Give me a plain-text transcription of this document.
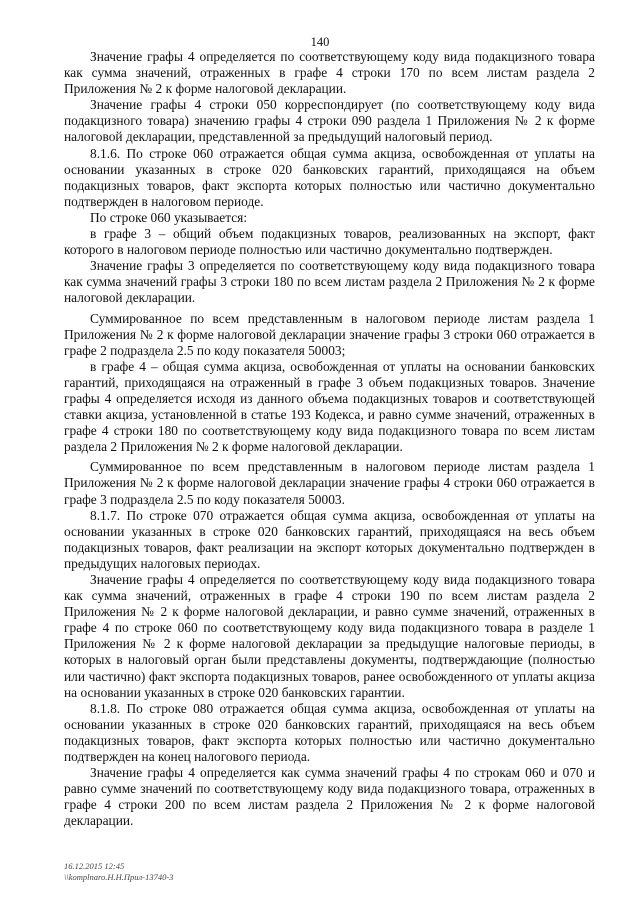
140

Значение графы 4 определяется по соответствующему коду вида подакцизного товара как сумма значений, отраженных в графе 4 строки 170 по всем листам раздела 2 Приложения № 2 к форме налоговой декларации.

Значение графы 4 строки 050 корреспондирует (по соответствующему коду вида подакцизного товара) значению графы 4 строки 090 раздела 1 Приложения № 2 к форме налоговой декларации, представленной за предыдущий налоговый период.

8.1.6. По строке 060 отражается общая сумма акциза, освобожденная от уплаты на основании указанных в строке 020 банковских гарантий, приходящаяся на объем подакцизных товаров, факт экспорта которых полностью или частично документально подтвержден в налоговом периоде.

По строке 060 указывается:

в графе 3 – общий объем подакцизных товаров, реализованных на экспорт, факт которого в налоговом периоде полностью или частично документально подтвержден.

Значение графы 3 определяется по соответствующему коду вида подакцизного товара как сумма значений графы 3 строки 180 по всем листам раздела 2 Приложения № 2 к форме налоговой декларации.

Суммированное по всем представленным в налоговом периоде листам раздела 1 Приложения № 2 к форме налоговой декларации значение графы 3 строки 060 отражается в графе 2 подраздела 2.5 по коду показателя 50003;

в графе 4 – общая сумма акциза, освобожденная от уплаты на основании банковских гарантий, приходящаяся на отраженный в графе 3 объем подакцизных товаров. Значение графы 4 определяется исходя из данного объема подакцизных товаров и соответствующей ставки акциза, установленной в статье 193 Кодекса, и равно сумме значений, отраженных в графе 4 строки 180 по соответствующему коду вида подакцизного товара по всем листам раздела 2 Приложения № 2 к форме налоговой декларации.

Суммированное по всем представленным в налоговом периоде листам раздела 1 Приложения № 2 к форме налоговой декларации значение графы 4 строки 060 отражается в графе 3 подраздела 2.5 по коду показателя 50003.

8.1.7. По строке 070 отражается общая сумма акциза, освобожденная от уплаты на основании указанных в строке 020 банковских гарантий, приходящаяся на весь объем подакцизных товаров, факт реализации на экспорт которых документально подтвержден в предыдущих налоговых периодах.

Значение графы 4 определяется по соответствующему коду вида подакцизного товара как сумма значений, отраженных в графе 4 строки 190 по всем листам раздела 2 Приложения № 2 к форме налоговой декларации, и равно сумме значений, отраженных в графе 4 по строке 060 по соответствующему коду вида подакцизного товара в разделе 1 Приложения № 2 к форме налоговой декларации за предыдущие налоговые периоды, в которых в налоговый орган были представлены документы, подтверждающие (полностью или частично) факт экспорта подакцизных товаров, ранее освобожденного от уплаты акциза на основании указанных в строке 020 банковских гарантии.

8.1.8. По строке 080 отражается общая сумма акциза, освобожденная от уплаты на основании указанных в строке 020 банковских гарантий, приходящаяся на весь объем подакцизных товаров, факт экспорта которых полностью или частично документально подтвержден на конец налогового периода.

Значение графы 4 определяется как сумма значений графы 4 по строкам 060 и 070 и равно сумме значений по соответствующему коду вида подакцизного товара, отраженных в графе 4 строки 200 по всем листам раздела 2 Приложения № 2 к форме налоговой декларации.

16.12.2015 12:45
\\komplnaro.H.H.Прил-13740-3
